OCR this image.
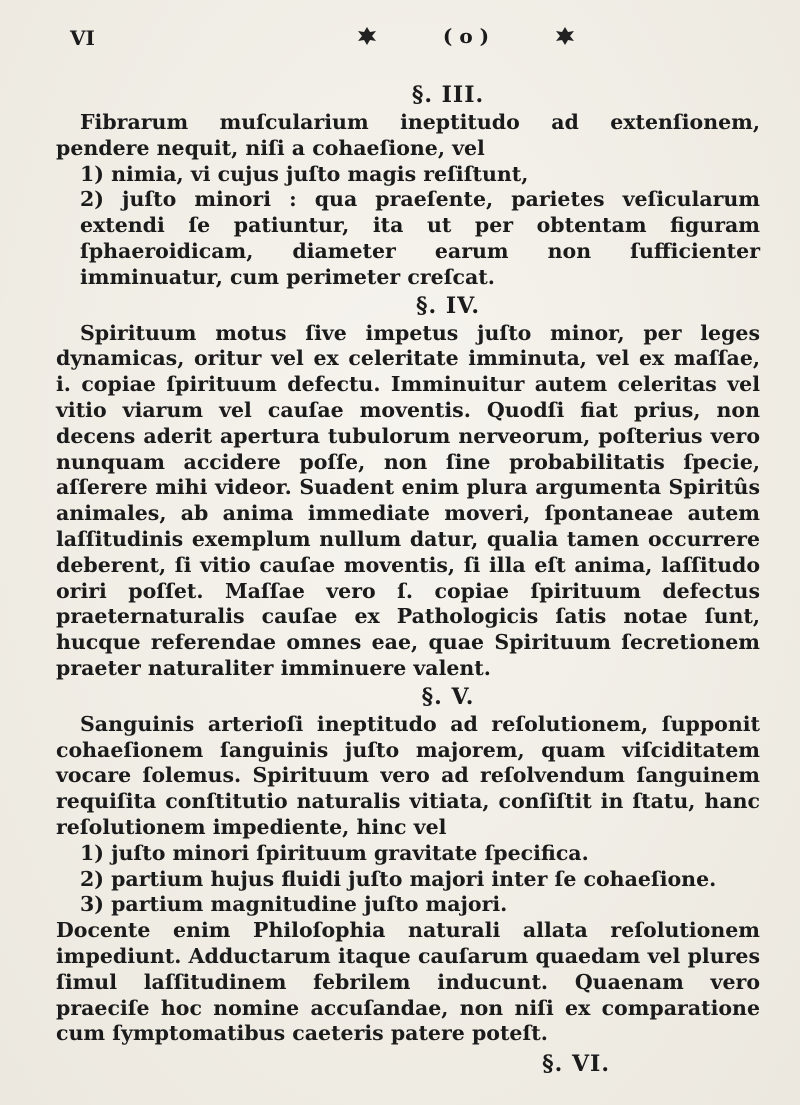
VI	( o )
§. III.

Fibrarum muſcularium ineptitudo ad extenſionem, pendere nequit, niſi a cohaeſione, vel

1) nimia, vi cujus juſto magis reſiſtunt,

2) juſto minori : qua praeſente, parietes veſicularum extendi ſe patiuntur, ita ut per obtentam figuram ſphaeroidicam, diameter earum non ſufficienter imminuatur, cum perimeter creſcat.

§. IV.

Spirituum motus ſive impetus juſto minor, per leges dynamicas, oritur vel ex celeritate imminuta, vel ex maſſae, i. copiae ſpirituum defectu. Imminuitur autem celeritas vel vitio viarum vel cauſae moventis. Quodſi fiat prius, non decens aderit apertura tubulorum nerveorum, poſterius vero nunquam accidere poſſe, non ſine probabilitatis ſpecie, aſſerere mihi videor. Suadent enim plura argumenta Spiritûs animales, ab anima immediate moveri, ſpontaneae autem laſſitudinis exemplum nullum datur, qualia tamen occurrere deberent, ſi vitio cauſae moventis, ſi illa eſt anima, laſſitudo oriri poſſet. Maſſae vero ſ. copiae ſpirituum defectus praeternaturalis cauſae ex Pathologicis ſatis notae ſunt, hucque referendae omnes eae, quae Spirituum ſecretionem praeter naturaliter imminuere valent.

§. V.

Sanguinis arterioſi ineptitudo ad reſolutionem, ſupponit cohaeſionem ſanguinis juſto majorem, quam viſciditatem vocare ſolemus. Spirituum vero ad reſolvendum ſanguinem requiſita conſtitutio naturalis vitiata, conſiſtit in ſtatu, hanc reſolutionem impediente, hinc vel

1) juſto minori ſpirituum gravitate ſpecifica.

2) partium hujus fluidi juſto majori inter ſe cohaeſione.

3) partium magnitudine juſto majori.

Docente enim Philoſophia naturali allata reſolutionem impediunt. Adductarum itaque cauſarum quaedam vel plures ſimul laſſitudinem febrilem inducunt. Quaenam vero praeciſe hoc nomine accuſandae, non niſi ex comparatione cum ſymptomatibus caeteris patere poteſt.

§. VI.
